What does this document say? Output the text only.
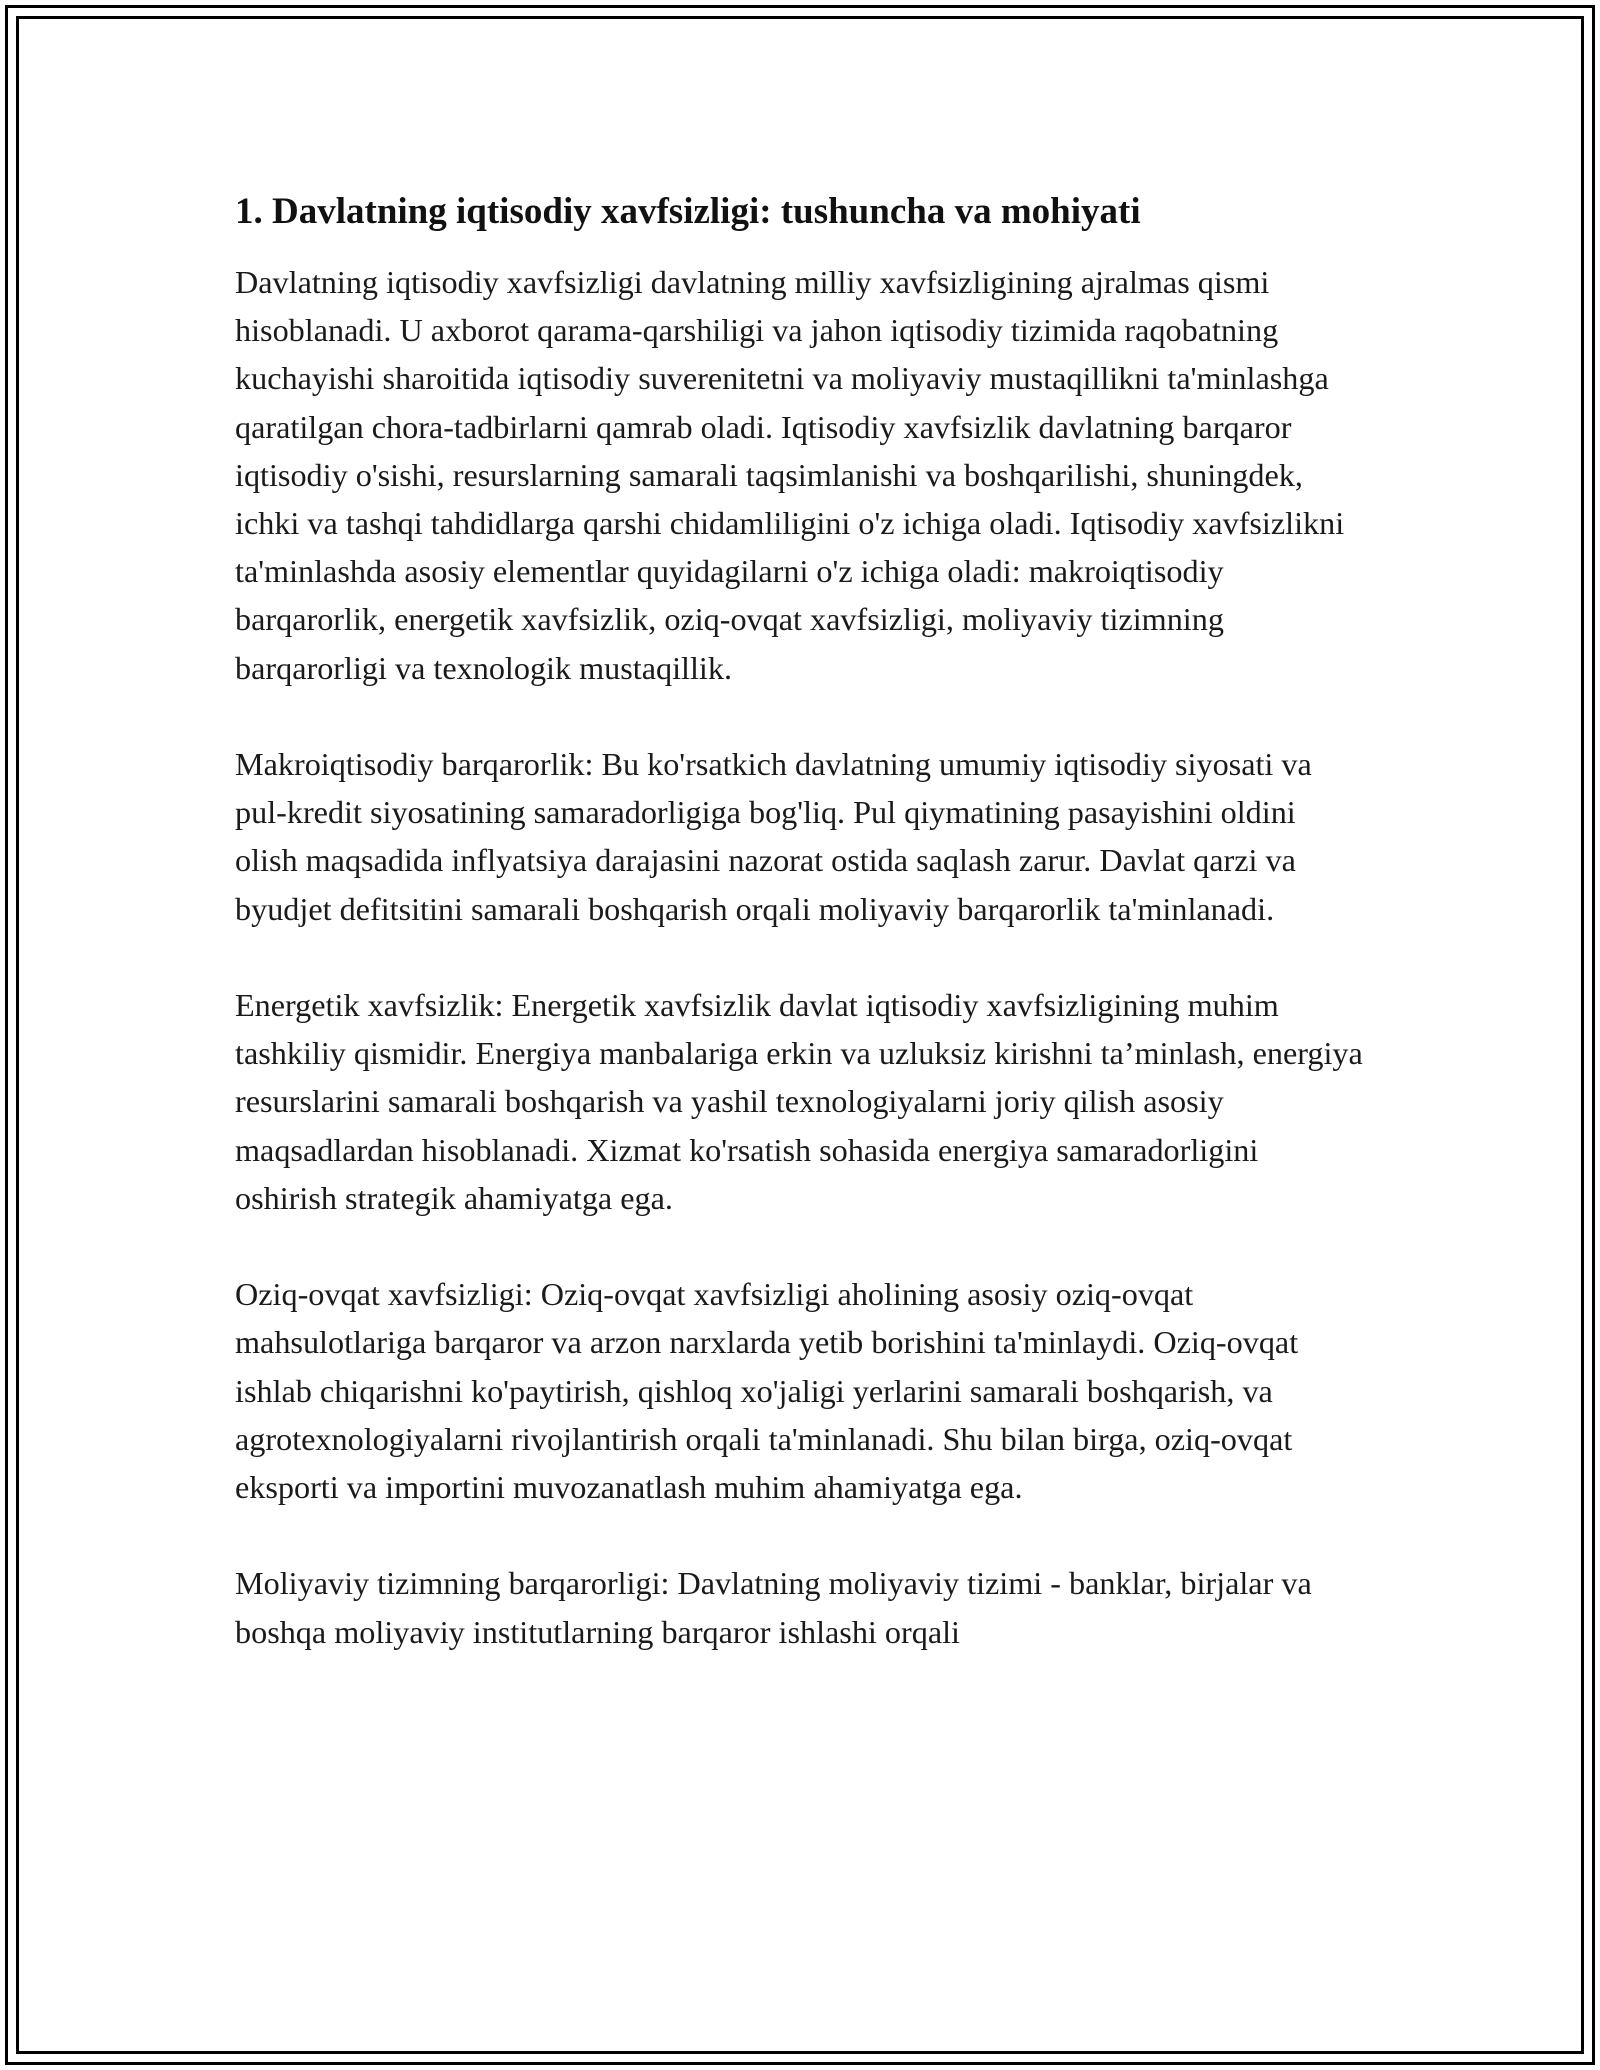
1. Davlatning iqtisodiy xavfsizligi: tushuncha va mohiyati

Davlatning iqtisodiy xavfsizligi davlatning milliy xavfsizligining ajralmas qismi hisoblanadi. U axborot qarama-qarshiligi va jahon iqtisodiy tizimida raqobatning kuchayishi sharoitida iqtisodiy suverenitetni va moliyaviy mustaqillikni ta'minlashga qaratilgan chora-tadbirlarni qamrab oladi. Iqtisodiy xavfsizlik davlatning barqaror iqtisodiy o'sishi, resurslarning samarali taqsimlanishi va boshqarilishi, shuningdek, ichki va tashqi tahdidlarga qarshi chidamliligini o'z ichiga oladi. Iqtisodiy xavfsizlikni ta'minlashda asosiy elementlar quyidagilarni o'z ichiga oladi: makroiqtisodiy barqarorlik, energetik xavfsizlik, oziq-ovqat xavfsizligi, moliyaviy tizimning barqarorligi va texnologik mustaqillik.

Makroiqtisodiy barqarorlik: Bu ko'rsatkich davlatning umumiy iqtisodiy siyosati va pul-kredit siyosatining samaradorligiga bog'liq. Pul qiymatining pasayishini oldini olish maqsadida inflyatsiya darajasini nazorat ostida saqlash zarur. Davlat qarzi va byudjet defitsitini samarali boshqarish orqali moliyaviy barqarorlik ta'minlanadi.

Energetik xavfsizlik: Energetik xavfsizlik davlat iqtisodiy xavfsizligining muhim tashkiliy qismidir. Energiya manbalariga erkin va uzluksiz kirishni ta’minlash, energiya resurslarini samarali boshqarish va yashil texnologiyalarni joriy qilish asosiy maqsadlardan hisoblanadi. Xizmat ko'rsatish sohasida energiya samaradorligini oshirish strategik ahamiyatga ega.

Oziq-ovqat xavfsizligi: Oziq-ovqat xavfsizligi aholining asosiy oziq-ovqat mahsulotlariga barqaror va arzon narxlarda yetib borishini ta'minlaydi. Oziq-ovqat ishlab chiqarishni ko'paytirish, qishloq xo'jaligi yerlarini samarali boshqarish, va agrotexnologiyalarni rivojlantirish orqali ta'minlanadi. Shu bilan birga, oziq-ovqat eksporti va importini muvozanatlash muhim ahamiyatga ega.

Moliyaviy tizimning barqarorligi: Davlatning moliyaviy tizimi - banklar, birjalar va boshqa moliyaviy institutlarning barqaror ishlashi orqali
